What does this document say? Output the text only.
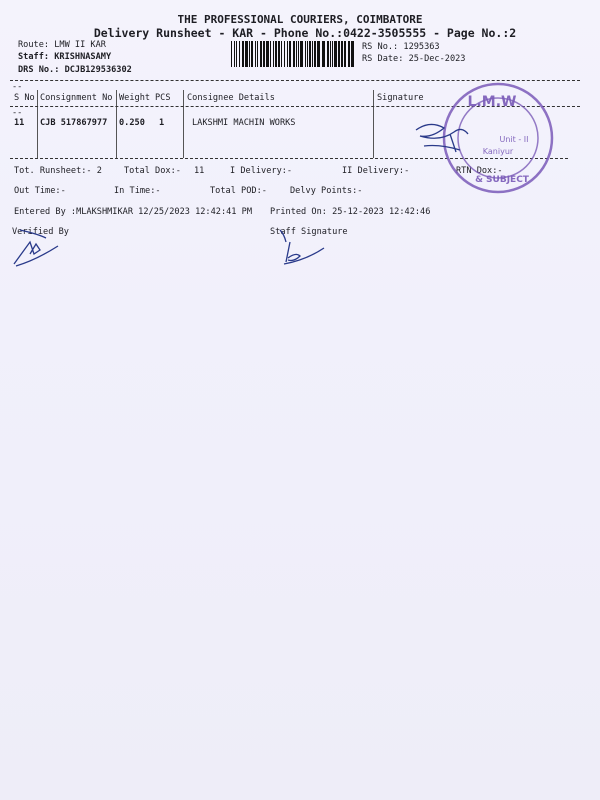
THE PROFESSIONAL COURIERS, COIMBATORE
Delivery Runsheet - KAR - Phone No.:0422-3505555 - Page No.:2
Route: LMW II KAR
Staff: KRISHNASAMY
DRS No.: DCJB129536302
RS No.: 1295363
RS Date: 25-Dec-2023
--
S No Consignment No Weight PCS Consignee Details	Signature
--
11 CJB 517867977 0.250 1	LAKSHMI MACHIN WORKS
Tot. Runsheet:- 2	Total Dox:- 11	I Delivery:-	II Delivery:-	RTN Dox:-
Out Time:-	In Time:-	Total POD:-	Delvy Points:-
Entered By :MLAKSHMIKAR 12/25/2023 12:42:41 PM Printed On: 25-12-2023 12:42:46
Verified By	Staff Signature
L.M.W
Unit - II
Kaniyur
& SUBJECT
